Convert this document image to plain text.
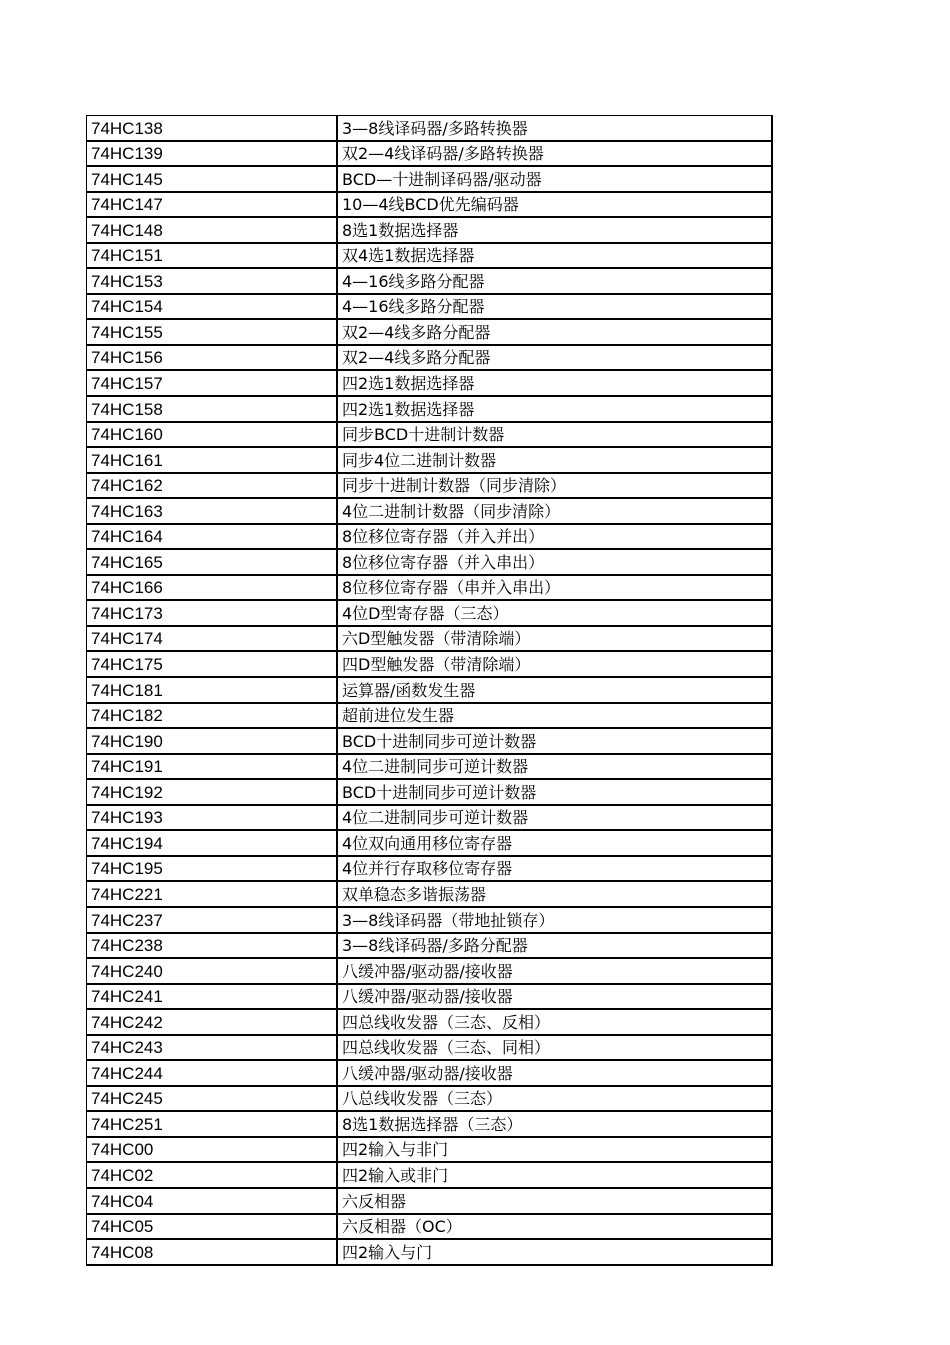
74HC138	3—8线译码器/多路转换器
74HC139	双2—4线译码器/多路转换器
74HC145	BCD—十进制译码器/驱动器
74HC147	10—4线BCD优先编码器
74HC148	8选1数据选择器
74HC151	双4选1数据选择器
74HC153	4—16线多路分配器
74HC154	4—16线多路分配器
74HC155	双2—4线多路分配器
74HC156	双2—4线多路分配器
74HC157	四2选1数据选择器
74HC158	四2选1数据选择器
74HC160	同步BCD十进制计数器
74HC161	同步4位二进制计数器
74HC162	同步十进制计数器（同步清除）
74HC163	4位二进制计数器（同步清除）
74HC164	8位移位寄存器（并入并出）
74HC165	8位移位寄存器（并入串出）
74HC166	8位移位寄存器（串并入串出）
74HC173	4位D型寄存器（三态）
74HC174	六D型触发器（带清除端）
74HC175	四D型触发器（带清除端）
74HC181	运算器/函数发生器
74HC182	超前进位发生器
74HC190	BCD十进制同步可逆计数器
74HC191	4位二进制同步可逆计数器
74HC192	BCD十进制同步可逆计数器
74HC193	4位二进制同步可逆计数器
74HC194	4位双向通用移位寄存器
74HC195	4位并行存取移位寄存器
74HC221	双单稳态多谐振荡器
74HC237	3—8线译码器（带地扯锁存）
74HC238	3—8线译码器/多路分配器
74HC240	八缓冲器/驱动器/接收器
74HC241	八缓冲器/驱动器/接收器
74HC242	四总线收发器（三态、反相）
74HC243	四总线收发器（三态、同相）
74HC244	八缓冲器/驱动器/接收器
74HC245	八总线收发器（三态）
74HC251	8选1数据选择器（三态）
74HC00	四2输入与非门
74HC02	四2输入或非门
74HC04	六反相器
74HC05	六反相器（OC）
74HC08	四2输入与门
